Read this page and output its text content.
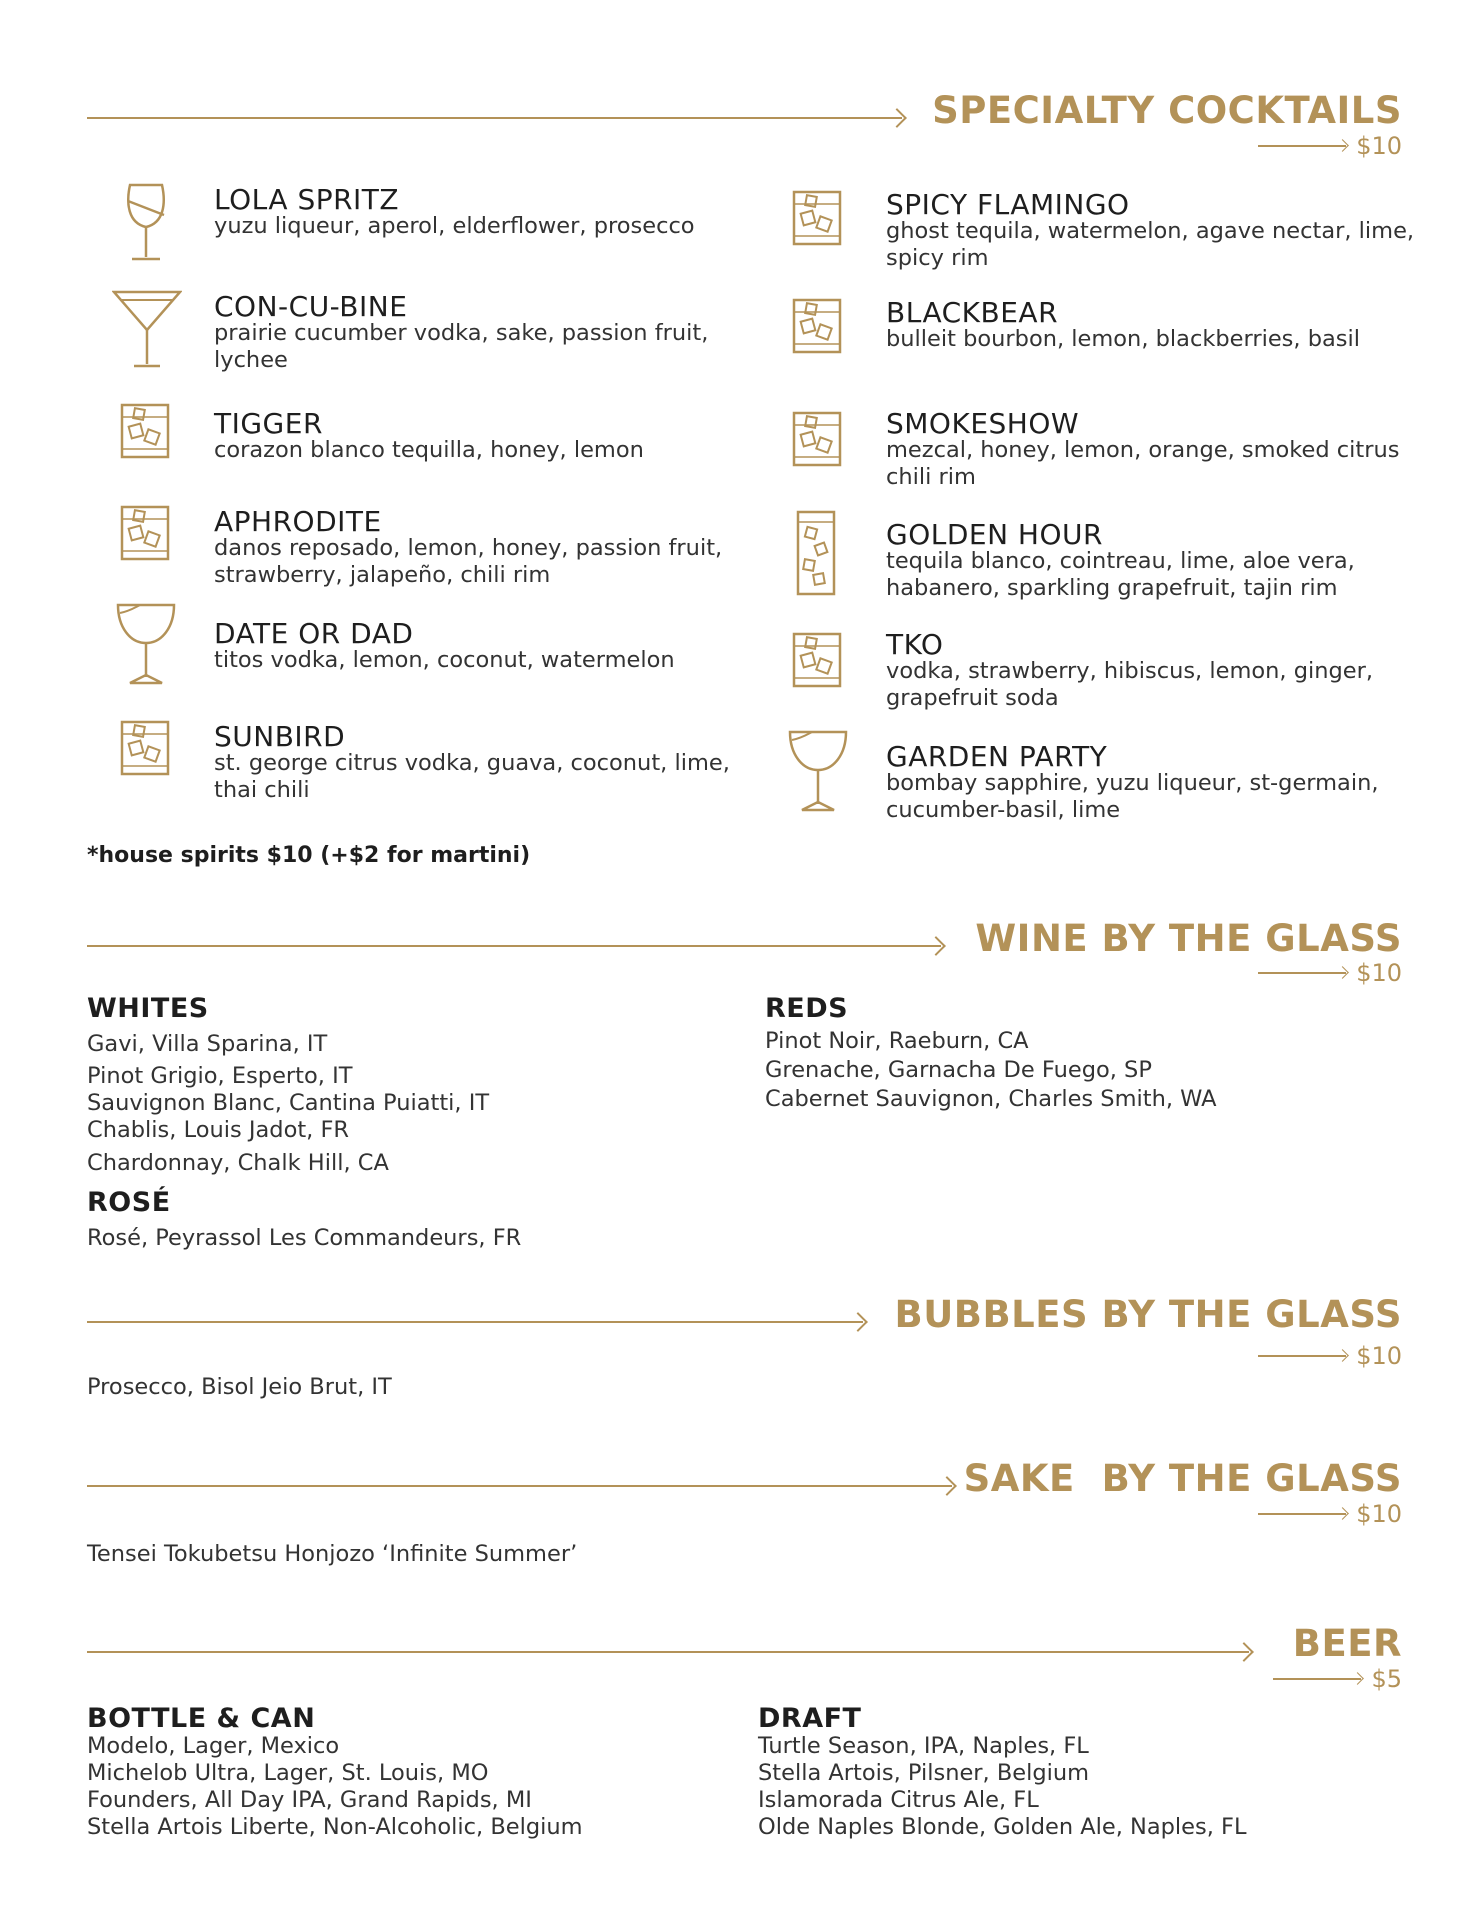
SPECIALTY COCKTAILS
$10
LOLA SPRITZ
yuzu liqueur, aperol, elderflower, prosecco
CON-CU-BINE
prairie cucumber vodka, sake, passion fruit, lychee
TIGGER
corazon blanco tequilla, honey, lemon
APHRODITE
danos reposado, lemon, honey, passion fruit, strawberry, jalapeño, chili rim
DATE OR DAD
titos vodka, lemon, coconut, watermelon
SUNBIRD
st. george citrus vodka, guava, coconut, lime, thai chili
SPICY FLAMINGO
ghost tequila, watermelon, agave nectar, lime, spicy rim
BLACKBEAR
bulleit bourbon, lemon, blackberries, basil
SMOKESHOW
mezcal, honey, lemon, orange, smoked citrus chili rim
GOLDEN HOUR
tequila blanco, cointreau, lime, aloe vera, habanero, sparkling grapefruit, tajin rim
TKO
vodka, strawberry, hibiscus, lemon, ginger, grapefruit soda
GARDEN PARTY
bombay sapphire, yuzu liqueur, st-germain, cucumber-basil, lime
*house spirits $10 (+$2 for martini)
WINE BY THE GLASS
$10
WHITES
Gavi, Villa Sparina, IT
Pinot Grigio, Esperto, IT
Sauvignon Blanc, Cantina Puiatti, IT
Chablis, Louis Jadot, FR
Chardonnay, Chalk Hill, CA
ROSÉ
Rosé, Peyrassol Les Commandeurs, FR
REDS
Pinot Noir, Raeburn, CA
Grenache, Garnacha De Fuego, SP
Cabernet Sauvignon, Charles Smith, WA
BUBBLES BY THE GLASS
$10
Prosecco, Bisol Jeio Brut, IT
SAKE  BY THE GLASS
$10
Tensei Tokubetsu Honjozo ‘Infinite Summer’
BEER
$5
BOTTLE & CAN
Modelo, Lager, Mexico
Michelob Ultra, Lager, St. Louis, MO
Founders, All Day IPA, Grand Rapids, MI
Stella Artois Liberte, Non-Alcoholic, Belgium
DRAFT
Turtle Season, IPA, Naples, FL
Stella Artois, Pilsner, Belgium
Islamorada Citrus Ale, FL
Olde Naples Blonde, Golden Ale, Naples, FL
